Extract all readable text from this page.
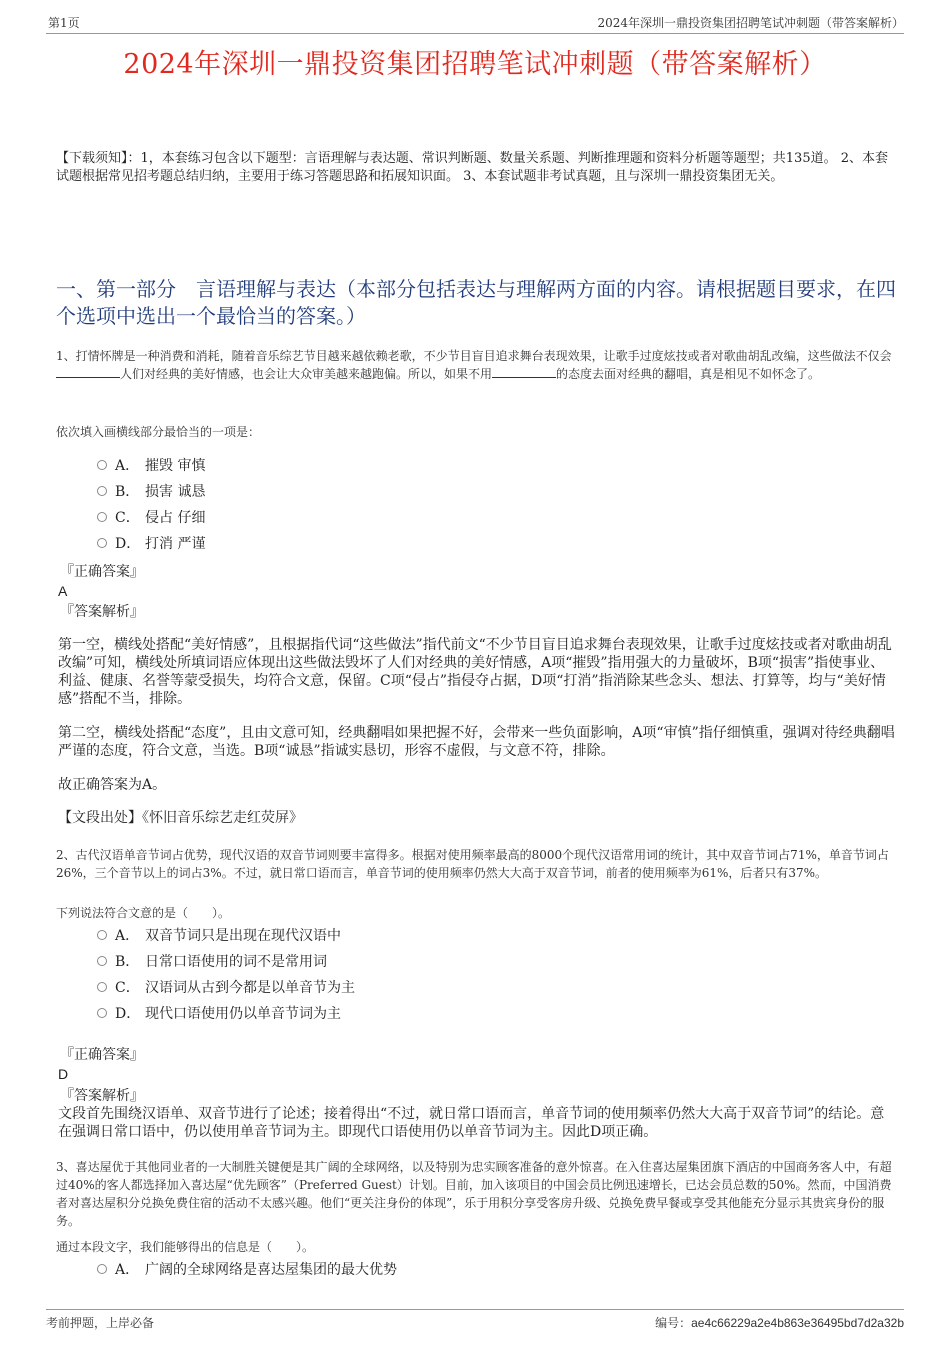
第1页	2024年深圳一鼎投资集团招聘笔试冲刺题（带答案解析）
2024年深圳一鼎投资集团招聘笔试冲刺题（带答案解析）
【下载须知】：1，本套练习包含以下题型：言语理解与表达题、常识判断题、数量关系题、判断推理题和资料分析题等题型；共135道。 2、本套试题根据常见招考题总结归纳，主要用于练习答题思路和拓展知识面。 3、本套试题非考试真题，且与深圳一鼎投资集团无关。
一、第一部分　言语理解与表达（本部分包括表达与理解两方面的内容。请根据题目要求，在四个选项中选出一个最恰当的答案。）
1、打情怀牌是一种消费和消耗，随着音乐综艺节目越来越依赖老歌，不少节目盲目追求舞台表现效果，让歌手过度炫技或者对歌曲胡乱改编，这些做法不仅会人们对经典的美好情感，也会让大众审美越来越跑偏。所以，如果不用	的态度去面对经典的翻唱，真是相见不如怀念了。
依次填入画横线部分最恰当的一项是：
A． 摧毁 审慎
B． 损害 诚恳
C． 侵占 仔细
D． 打消 严谨
『正确答案』
A
『答案解析』
第一空，横线处搭配“美好情感”，且根据指代词“这些做法”指代前文“不少节目盲目追求舞台表现效果，让歌手过度炫技或者对歌曲胡乱改编”可知，横线处所填词语应体现出这些做法毁坏了人们对经典的美好情感，A项“摧毁”指用强大的力量破坏，B项“损害”指使事业、利益、健康、名誉等蒙受损失，均符合文意，保留。C项“侵占”指侵夺占据，D项“打消”指消除某些念头、想法、打算等，均与“美好情感”搭配不当，排除。
第二空，横线处搭配“态度”，且由文意可知，经典翻唱如果把握不好，会带来一些负面影响，A项“审慎”指仔细慎重，强调对待经典翻唱严谨的态度，符合文意，当选。B项“诚恳”指诚实恳切，形容不虚假，与文意不符，排除。
故正确答案为A。
【文段出处】《怀旧音乐综艺走红荧屏》
2、古代汉语单音节词占优势，现代汉语的双音节词则要丰富得多。根据对使用频率最高的8000个现代汉语常用词的统计，其中双音节词占71%，单音节词占26%，三个音节以上的词占3%。不过，就日常口语而言，单音节词的使用频率仍然大大高于双音节词，前者的使用频率为61%，后者只有37%。
下列说法符合文意的是（　　）。
A． 双音节词只是出现在现代汉语中
B． 日常口语使用的词不是常用词
C． 汉语词从古到今都是以单音节为主
D． 现代口语使用仍以单音节词为主
『正确答案』
D
『答案解析』
文段首先围绕汉语单、双音节进行了论述；接着得出“不过，就日常口语而言，单音节词的使用频率仍然大大高于双音节词”的结论。意在强调日常口语中，仍以使用单音节词为主。即现代口语使用仍以单音节词为主。因此D项正确。
3、喜达屋优于其他同业者的一大制胜关键便是其广阔的全球网络，以及特别为忠实顾客准备的意外惊喜。在入住喜达屋集团旗下酒店的中国商务客人中，有超过40%的客人都选择加入喜达屋“优先顾客”（Preferred Guest）计划。目前，加入该项目的中国会员比例迅速增长，已达会员总数的50%。然而，中国消费者对喜达屋积分兑换免费住宿的活动不太感兴趣。他们“更关注身份的体现”，乐于用积分享受客房升级、兑换免费早餐或享受其他能充分显示其贵宾身份的服务。
通过本段文字，我们能够得出的信息是（　　）。
A． 广阔的全球网络是喜达屋集团的最大优势
考前押题，上岸必备	编号：ae4c66229a2e4b863e36495bd7d2a32b
